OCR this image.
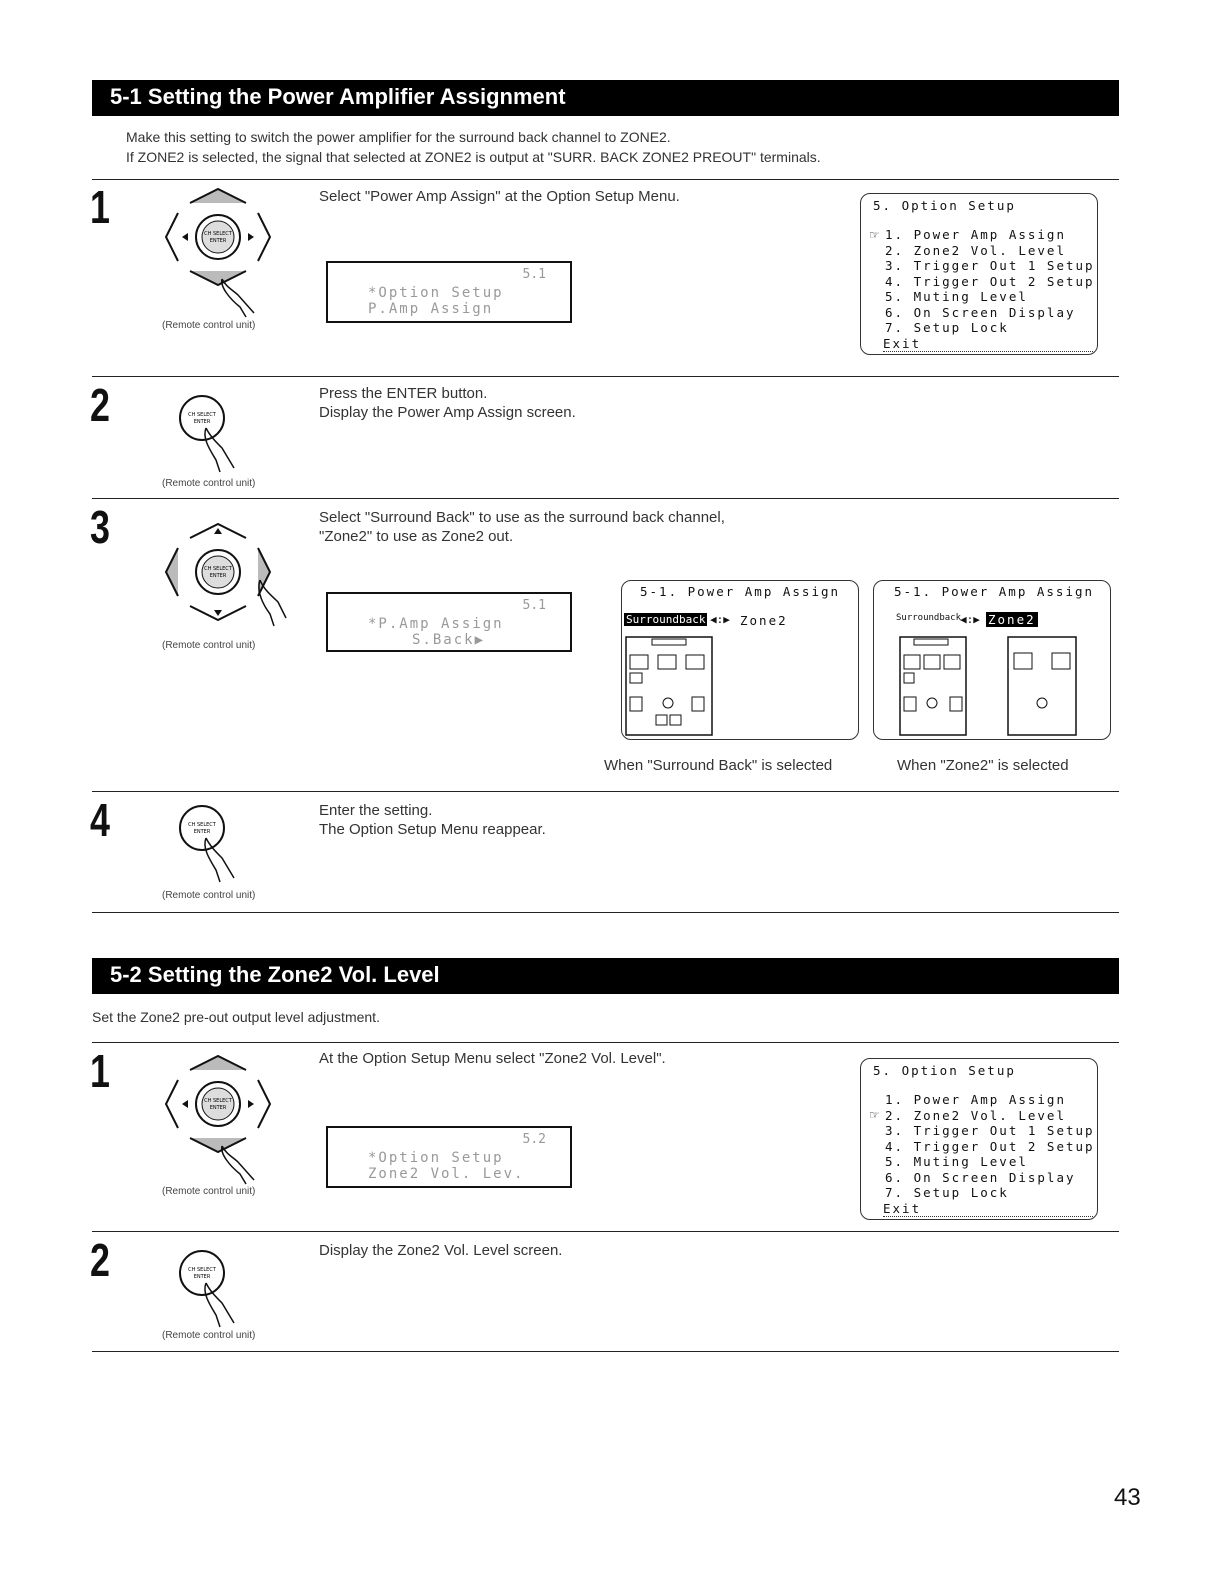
5-1 Setting the Power Amplifier Assignment
Make this setting to switch the power amplifier for the surround back channel to ZONE2.
If ZONE2 is selected, the signal that selected at ZONE2 is output at "SURR. BACK ZONE2 PREOUT" terminals.
1
CH SELECT
ENTER
(Remote control unit)
Select "Power Amp Assign" at the Option Setup Menu.
5.1
*Option Setup
P.Amp Assign
5. Option Setup
☞ 1. Power Amp Assign
2. Zone2 Vol. Level
3. Trigger Out 1 Setup
4. Trigger Out 2 Setup
5. Muting Level
6. On Screen Display
7. Setup Lock
Exit
2	CH SELECT
ENTER
(Remote control unit)
Press the ENTER button.
Display the Power Amp Assign screen.
3
CH SELECT
ENTER
(Remote control unit)
Select "Surround Back" to use as the surround back channel,
"Zone2" to use as Zone2 out.
5.1
*P.Amp Assign
S.Back▶
5-1. Power Amp Assign
Surroundback ◀:▶ Zone2
When "Surround Back" is selected
5-1. Power Amp Assign
Surroundback
◀:▶ Zone2
When "Zone2" is selected
4	CH SELECT
ENTER
(Remote control unit)
Enter the setting.
The Option Setup Menu reappear.
5-2 Setting the Zone2 Vol. Level
Set the Zone2 pre-out output level adjustment.
1
CH SELECT
ENTER
(Remote control unit)
At the Option Setup Menu select "Zone2 Vol. Level".
5.2
*Option Setup
Zone2 Vol. Lev.
5. Option Setup
1. Power Amp Assign
☞ 2. Zone2 Vol. Level
3. Trigger Out 1 Setup
4. Trigger Out 2 Setup
5. Muting Level
6. On Screen Display
7. Setup Lock
Exit
2	CH SELECT
ENTER
(Remote control unit)
Display the Zone2 Vol. Level screen.
43
